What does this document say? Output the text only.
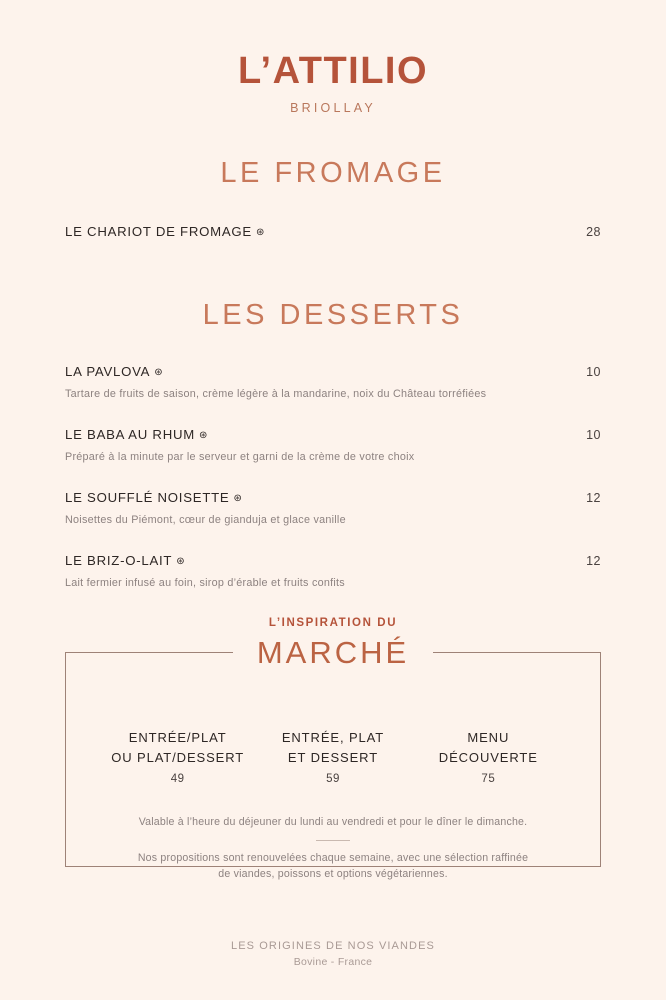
L’ATTILIO
BRIOLLAY
LE FROMAGE
LE CHARIOT DE FROMAGE ⊛	28
LES DESSERTS
LA PAVLOVA ⊛	10
Tartare de fruits de saison, crème légère à la mandarine, noix du Château torréfiées
LE BABA AU RHUM ⊛	10
Préparé à la minute par le serveur et garni de la crème de votre choix
LE SOUFFLÉ NOISETTE ⊛	12
Noisettes du Piémont, cœur de gianduja et glace vanille
LE BRIZ-O-LAIT ⊛	12
Lait fermier infusé au foin, sirop d’érable et fruits confits
L’INSPIRATION DU
MARCHÉ
ENTRÉE/PLAT
OU PLAT/DESSERT
49
ENTRÉE, PLAT
ET DESSERT
59
MENU
DÉCOUVERTE
75
Valable à l’heure du déjeuner du lundi au vendredi et pour le dîner le dimanche.
Nos propositions sont renouvelées chaque semaine, avec une sélection raffinée
de viandes, poissons et options végétariennes.
LES ORIGINES DE NOS VIANDES
Bovine - France
